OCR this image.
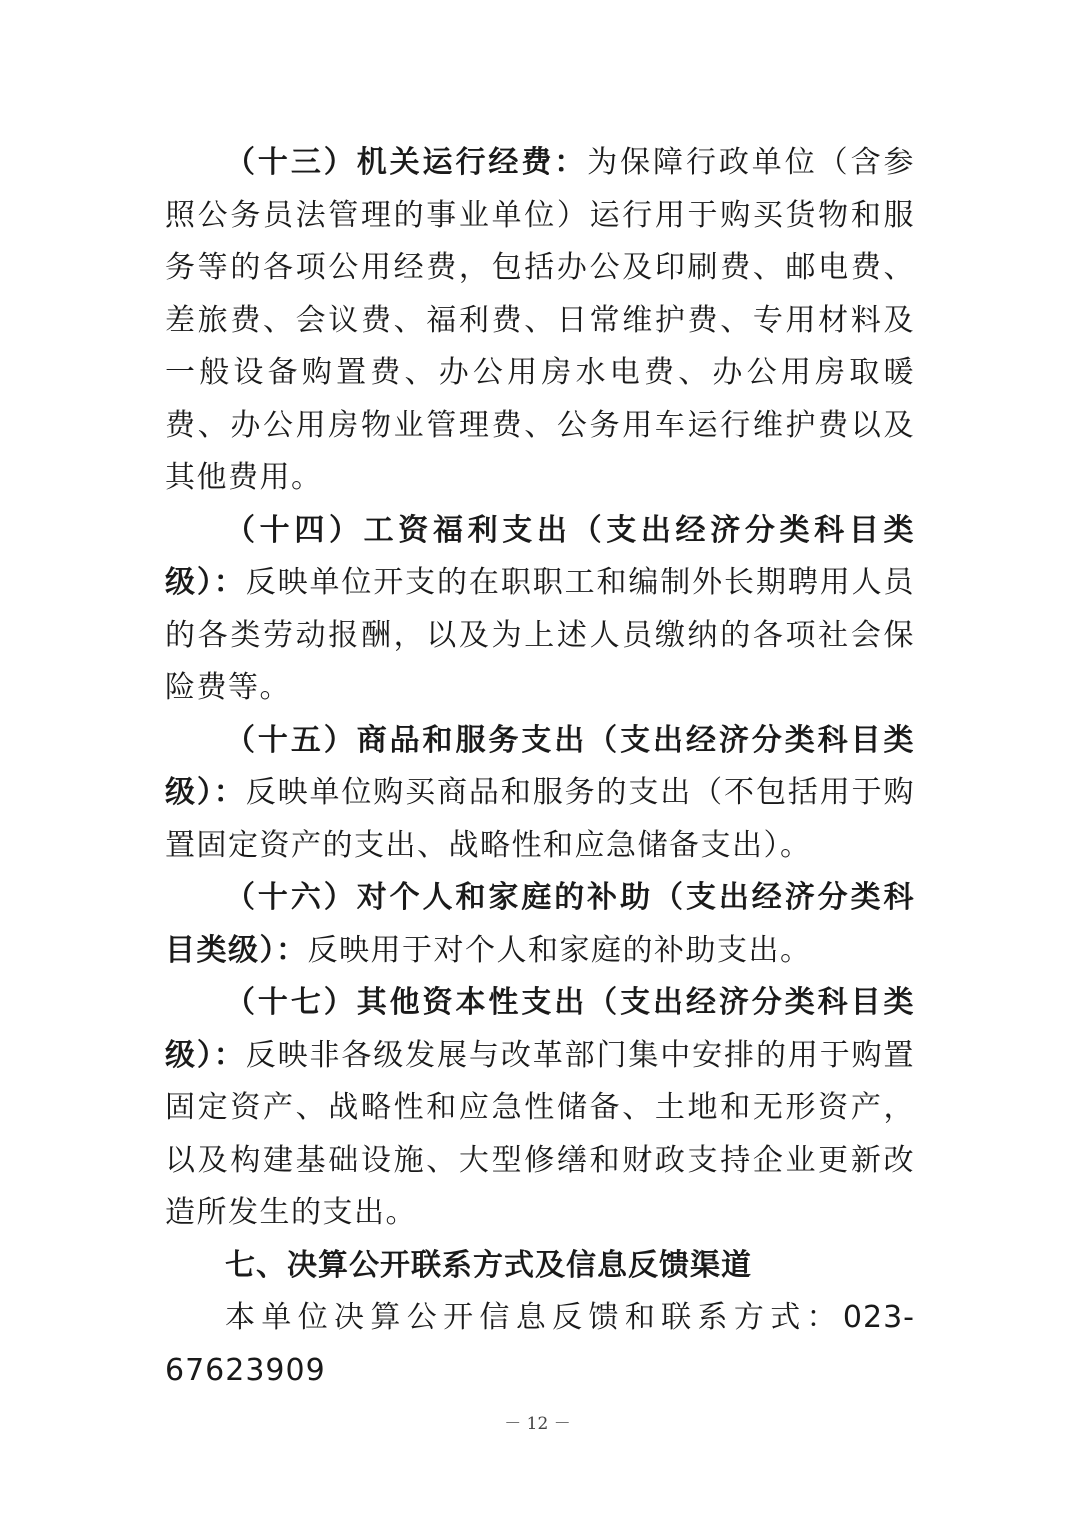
（十三）机关运行经费：为保障行政单位（含参照公务员法管理的事业单位）运行用于购买货物和服务等的各项公用经费，包括办公及印刷费、邮电费、差旅费、会议费、福利费、日常维护费、专用材料及一般设备购置费、办公用房水电费、办公用房取暖费、办公用房物业管理费、公务用车运行维护费以及其他费用。

（十四）工资福利支出（支出经济分类科目类级）：反映单位开支的在职职工和编制外长期聘用人员的各类劳动报酬，以及为上述人员缴纳的各项社会保险费等。

（十五）商品和服务支出（支出经济分类科目类级）：反映单位购买商品和服务的支出（不包括用于购置固定资产的支出、战略性和应急储备支出）。

（十六）对个人和家庭的补助（支出经济分类科目类级）：反映用于对个人和家庭的补助支出。

（十七）其他资本性支出（支出经济分类科目类级）：反映非各级发展与改革部门集中安排的用于购置固定资产、战略性和应急性储备、土地和无形资产，以及构建基础设施、大型修缮和财政支持企业更新改造所发生的支出。

七、决算公开联系方式及信息反馈渠道

本单位决算公开信息反馈和联系方式：023-67623909

－ 12 －
